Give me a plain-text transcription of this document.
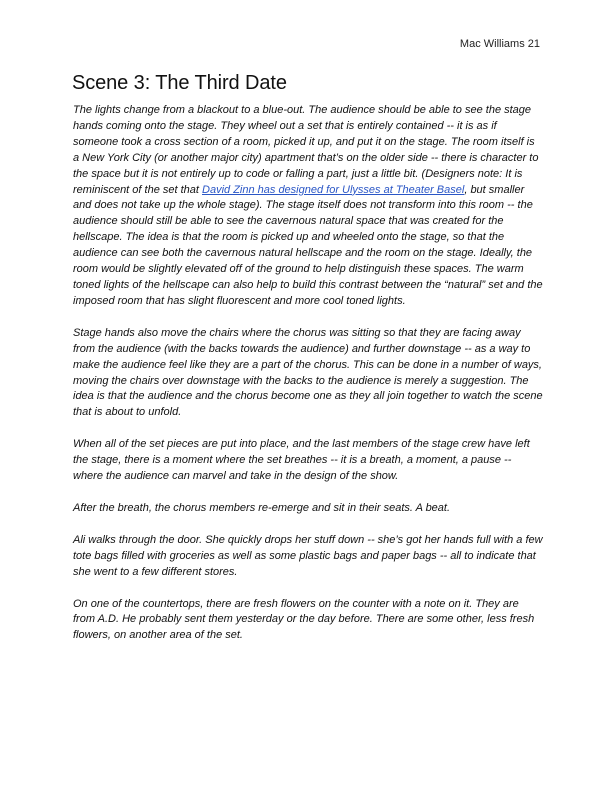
Mac Williams 21
Scene 3: The Third Date

The lights change from a blackout to a blue-out. The audience should be able to see the stage hands coming onto the stage. They wheel out a set that is entirely contained -- it is as if someone took a cross section of a room, picked it up, and put it on the stage. The room itself is a New York City (or another major city) apartment that’s on the older side -- there is character to the space but it is not entirely up to code or falling a part, just a little bit. (Designers note: It is reminiscent of the set that David Zinn has designed for Ulysses at Theater Basel, but smaller and does not take up the whole stage). The stage itself does not transform into this room -- the audience should still be able to see the cavernous natural space that was created for the hellscape. The idea is that the room is picked up and wheeled onto the stage, so that the audience can see both the cavernous natural hellscape and the room on the stage. Ideally, the room would be slightly elevated off of the ground to help distinguish these spaces. The warm toned lights of the hellscape can also help to build this contrast between the “natural” set and the imposed room that has slight fluorescent and more cool toned lights.

Stage hands also move the chairs where the chorus was sitting so that they are facing away from the audience (with the backs towards the audience) and further downstage -- as a way to make the audience feel like they are a part of the chorus. This can be done in a number of ways, moving the chairs over downstage with the backs to the audience is merely a suggestion. The idea is that the audience and the chorus become one as they all join together to watch the scene that is about to unfold.

When all of the set pieces are put into place, and the last members of the stage crew have left the stage, there is a moment where the set breathes -- it is a breath, a moment, a pause -- where the audience can marvel and take in the design of the show.

After the breath, the chorus members re-emerge and sit in their seats. A beat.

Ali walks through the door. She quickly drops her stuff down -- she’s got her hands full with a few tote bags filled with groceries as well as some plastic bags and paper bags -- all to indicate that she went to a few different stores.

On one of the countertops, there are fresh flowers on the counter with a note on it. They are from A.D. He probably sent them yesterday or the day before. There are some other, less fresh flowers, on another area of the set.
